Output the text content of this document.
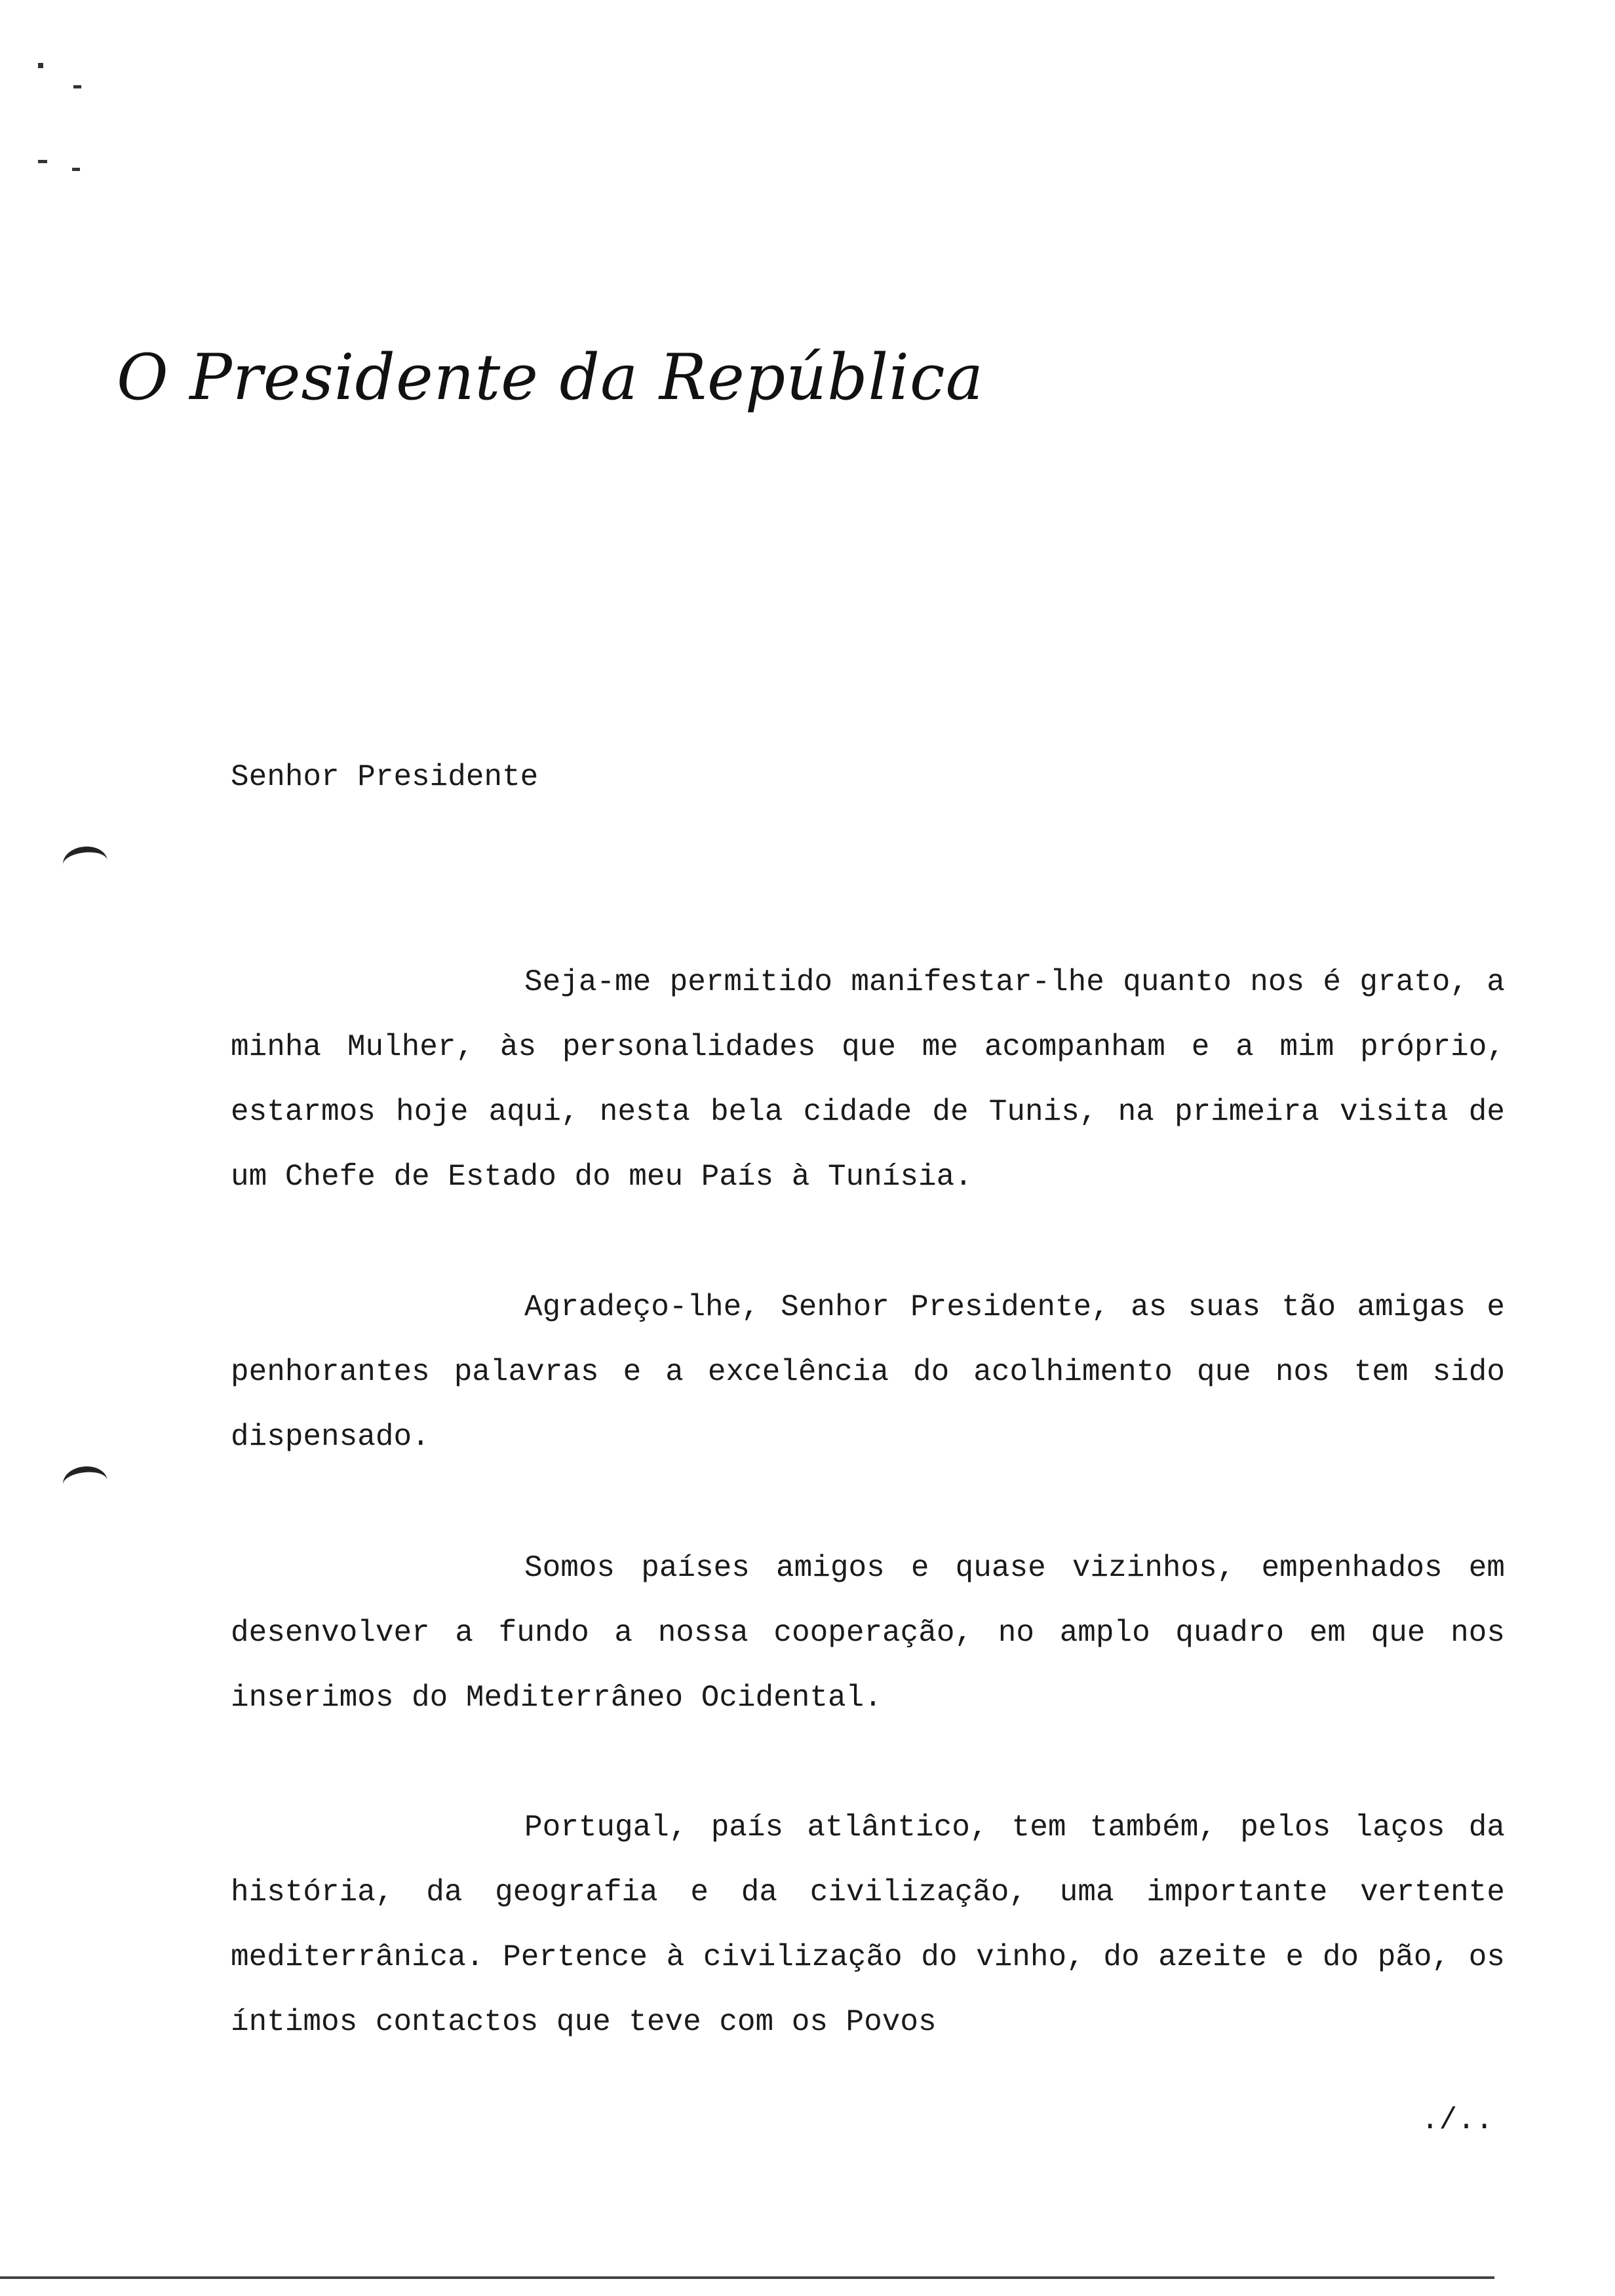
O Presidente da República
Senhor Presidente

Seja-me permitido manifestar-lhe quanto nos é grato, a minha Mulher, às personalidades que me acompanham e a mim próprio, estarmos hoje aqui, nesta bela cidade de Tunis, na primeira visita de um Chefe de Estado do meu País à Tunísia.

Agradeço-lhe, Senhor Presidente, as suas tão amigas e penhorantes palavras e a excelência do acolhimento que nos tem sido dispensado.

Somos países amigos e quase vizinhos, empenhados em desenvolver a fundo a nossa cooperação, no amplo quadro em que nos inserimos do Mediterrâneo Ocidental.

Portugal, país atlântico, tem também, pelos laços da história, da geografia e da civilização, uma importante vertente mediterrânica. Pertence à civilização do vinho, do azeite e do pão, os íntimos contactos que teve com os Povos

./..
